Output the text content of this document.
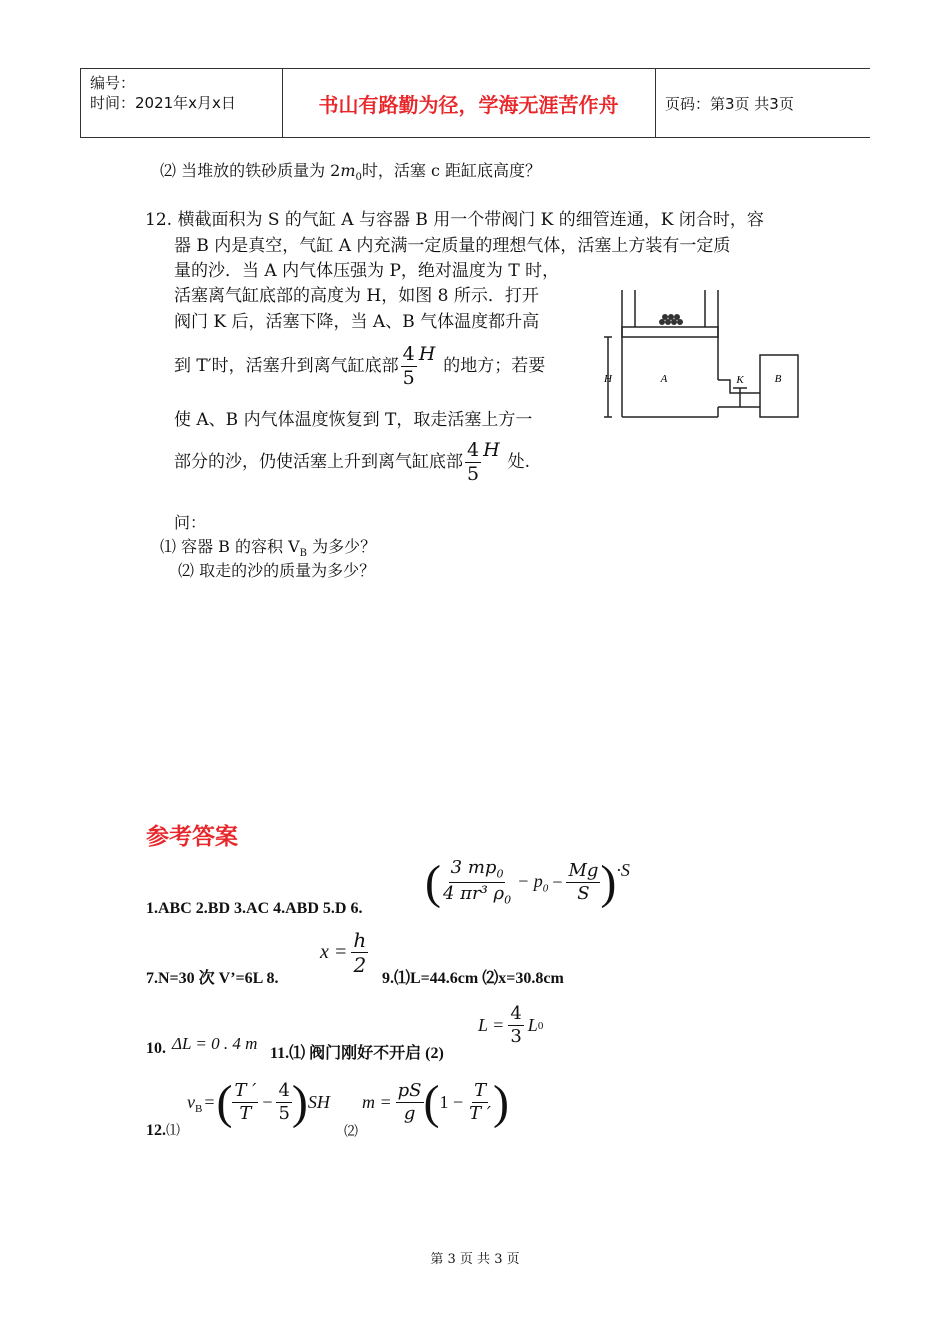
编号：
时间：2021年x月x日	书山有路勤为径，学海无涯苦作舟	页码：第3页 共3页
⑵ 当堆放的铁砂质量为 $2m_0$时，活塞 c 距缸底高度？
12. 横截面积为 S 的气缸 A 与容器 B 用一个带阀门 K 的细管连通，K 闭合时，容
器 B 内是真空，气缸 A 内充满一定质量的理想气体，活塞上方装有一定质
量的沙．当 A 内气体压强为 P，绝对温度为 T 时，
活塞离气缸底部的高度为 H，如图 8 所示．打开
阀门 K 后，活塞下降，当 A、B 气体温度都升高
到 T′时，活塞升到离气缸底部 $\frac{4}{5}$ H
的地方；若要
使 A、B 内气体温度恢复到 T，取走活塞上方一
部分的沙，仍使活塞上升到离气缸底部 $\frac{4}{5}$ H
处.
问：
⑴ 容器 B 的容积 $V_B$ 为多少？
⑵ 取走的沙的质量为多少？
H	A	K	B
参考答案
1.ABC 2.BD 3.AC 4.ABD 5.D 6. ( $\frac{3 mp_0}{4 \pi r^3 \rho_0} - p_0 - \frac{Mg}{S}$ ) ·S
7.N=30 次 V’=6L 8.
$x = \frac{h}{2}$
9.⑴L=44.6cm ⑵x=30.8cm
10. ΔL = 0 . 4 m
11.⑴ 阀门刚好不开启 (2)
$L = \frac{4}{3}$ L 0
12.⑴
$v_B$ = ( $\frac{T '}{T} - \frac{4}{5}$ ) SH
⑵
$m = \frac{pS}{g}$ ( $1 - \frac{T}{T '}$ )
第 3 页 共 3 页
